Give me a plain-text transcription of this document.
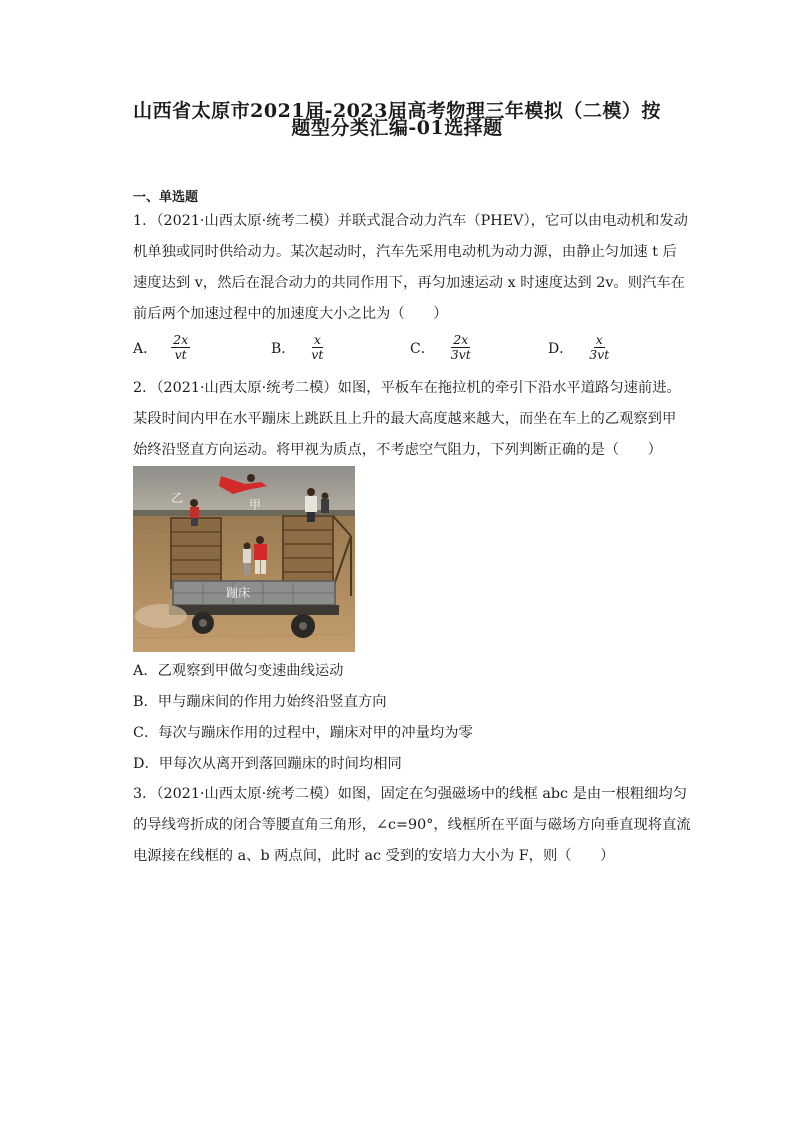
山西省太原市2021届-2023届高考物理三年模拟（二模）按
题型分类汇编-01选择题
一、单选题
1．（2021·山西太原·统考二模）并联式混合动力汽车（PHEV），它可以由电动机和发动
机单独或同时供给动力。某次起动时，汽车先采用电动机为动力源，由静止匀加速 t 后
速度达到 v，然后在混合动力的共同作用下，再匀加速运动 x 时速度达到 2v。则汽车在
前后两个加速过程中的加速度大小之比为（　　）
A． $\frac{2x}{vt}$	B． $\frac{x}{vt}$	C． $\frac{2x}{3vt}$	D． $\frac{x}{3vt}$
2．（2021·山西太原·统考二模）如图，平板车在拖拉机的牵引下沿水平道路匀速前进。
某段时间内甲在水平蹦床上跳跃且上升的最大高度越来越大，而坐在车上的乙观察到甲
始终沿竖直方向运动。将甲视为质点，不考虑空气阻力，下列判断正确的是（　　）
乙	甲
蹦床
A．乙观察到甲做匀变速曲线运动
B．甲与蹦床间的作用力始终沿竖直方向
C．每次与蹦床作用的过程中，蹦床对甲的冲量均为零
D．甲每次从离开到落回蹦床的时间均相同
3．（2021·山西太原·统考二模）如图，固定在匀强磁场中的线框 abc 是由一根粗细均匀
的导线弯折成的闭合等腰直角三角形，∠c=90°，线框所在平面与磁场方向垂直现将直流
电源接在线框的 a、b 两点间，此时 ac 受到的安培力大小为 F，则（　　）
